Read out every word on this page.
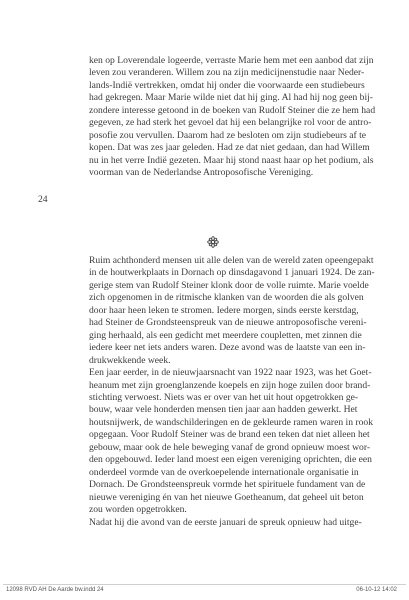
ken op Loverendale logeerde, verraste Marie hem met een aanbod dat zijn
leven zou veranderen. Willem zou na zijn medicijnenstudie naar Neder-
lands-Indië vertrekken, omdat hij onder die voorwaarde een studiebeurs
had gekregen. Maar Marie wilde niet dat hij ging. Al had hij nog geen bij-
zondere interesse getoond in de boeken van Rudolf Steiner die ze hem had
gegeven, ze had sterk het gevoel dat hij een belangrijke rol voor de antro-
posofie zou vervullen. Daarom had ze besloten om zijn studiebeurs af te
kopen. Dat was zes jaar geleden. Had ze dat niet gedaan, dan had Willem
nu in het verre Indië gezeten. Maar hij stond naast haar op het podium, als
voorman van de Nederlandse Antroposofische Vereniging.
24
Ruim achthonderd mensen uit alle delen van de wereld zaten opeengepakt
in de houtwerkplaats in Dornach op dinsdagavond 1 januari 1924. De zan-
gerige stem van Rudolf Steiner klonk door de volle ruimte. Marie voelde
zich opgenomen in de ritmische klanken van de woorden die als golven
door haar heen leken te stromen. Iedere morgen, sinds eerste kerstdag,
had Steiner de Grondsteenspreuk van de nieuwe antroposofische vereni-
ging herhaald, als een gedicht met meerdere coupletten, met zinnen die
iedere keer net iets anders waren. Deze avond was de laatste van een in-
drukwekkende week.
Een jaar eerder, in de nieuwjaarsnacht van 1922 naar 1923, was het Goet-
heanum met zijn groenglanzende koepels en zijn hoge zuilen door brand-
stichting verwoest. Niets was er over van het uit hout opgetrokken ge-
bouw, waar vele honderden mensen tien jaar aan hadden gewerkt. Het
houtsnijwerk, de wandschilderingen en de gekleurde ramen waren in rook
opgegaan. Voor Rudolf Steiner was de brand een teken dat niet alleen het
gebouw, maar ook de hele beweging vanaf de grond opnieuw moest wor-
den opgebouwd. Ieder land moest een eigen vereniging oprichten, die een
onderdeel vormde van de overkoepelende internationale organisatie in
Dornach. De Grondsteenspreuk vormde het spirituele fundament van de
nieuwe vereniging én van het nieuwe Goetheanum, dat geheel uit beton
zou worden opgetrokken.
Nadat hij die avond van de eerste januari de spreuk opnieuw had uitge-
12098 RVD AH De Aarde bw.indd 24	06-10-12 14:02
